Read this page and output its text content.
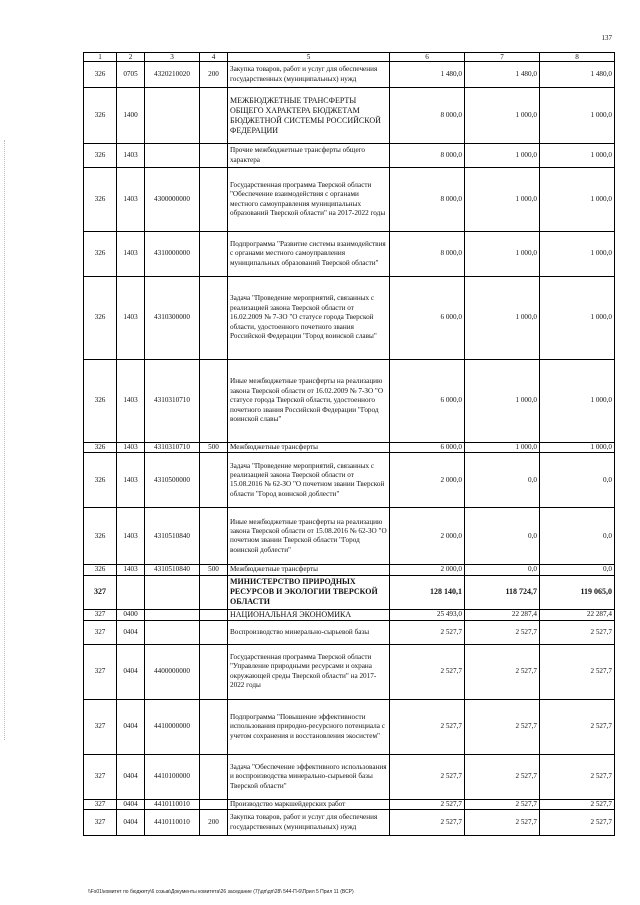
137
1	2	3	4	5	6	7	8
326	0705	4320210020	200	Закупка товаров, работ и услуг для обеспечения государственных (муниципальных) нужд	1 480,0	1 480,0	1 480,0
326	1400			МЕЖБЮДЖЕТНЫЕ ТРАНСФЕРТЫ ОБЩЕГО ХАРАКТЕРА БЮДЖЕТАМ БЮДЖЕТНОЙ СИСТЕМЫ РОССИЙСКОЙ ФЕДЕРАЦИИ	8 000,0	1 000,0	1 000,0
326	1403			Прочие межбюджетные трансферты общего характера	8 000,0	1 000,0	1 000,0
326	1403	4300000000		Государственная программа Тверской области "Обеспечение взаимодействия с органами местного самоуправления муниципальных образований Тверской области" на 2017-2022 годы	8 000,0	1 000,0	1 000,0
326	1403	4310000000		Подпрограмма "Развитие системы взаимодействия с органами местного самоуправления муниципальных образований Тверской области"	8 000,0	1 000,0	1 000,0
326	1403	4310300000		Задача "Проведение мероприятий, связанных с реализацией закона Тверской области от 16.02.2009 № 7-ЗО "О статусе города Тверской области, удостоенного почетного звания Российской Федерации "Город воинской славы"	6 000,0	1 000,0	1 000,0
326	1403	4310310710		Иные межбюджетные трансферты на реализацию закона Тверской области от 16.02.2009 № 7-ЗО "О статусе города Тверской области, удостоенного почетного звания Российской Федерации "Город воинской славы"	6 000,0	1 000,0	1 000,0
326	1403	4310310710	500	Межбюджетные трансферты	6 000,0	1 000,0	1 000,0
326	1403	4310500000		Задача "Проведение мероприятий, связанных с реализацией закона Тверской области от 15.08.2016 № 62-ЗО "О почетном звании Тверской области "Город воинской доблести"	2 000,0	0,0	0,0
326	1403	4310510840		Иные межбюджетные трансферты на реализацию закона Тверской области от 15.08.2016 № 62-ЗО "О почетном звании Тверской области "Город воинской доблести"	2 000,0	0,0	0,0
326	1403	4310510840	500	Межбюджетные трансферты	2 000,0	0,0	0,0
327				МИНИСТЕРСТВО ПРИРОДНЫХ РЕСУРСОВ И ЭКОЛОГИИ ТВЕРСКОЙ ОБЛАСТИ	128 140,1	118 724,7	119 065,0
327	0400			НАЦИОНАЛЬНАЯ ЭКОНОМИКА	25 493,0	22 287,4	22 287,4
327	0404			Воспроизводство минерально-сырьевой базы	2 527,7	2 527,7	2 527,7
327	0404	4400000000		Государственная программа Тверской области "Управление природными ресурсами и охрана окружающей среды Тверской области" на 2017-2022 годы	2 527,7	2 527,7	2 527,7
327	0404	4410000000		Подпрограмма "Повышение эффективности использования природно-ресурсного потенциала с учетом сохранения и восстановления экосистем"	2 527,7	2 527,7	2 527,7
327	0404	4410100000		Задача "Обеспечение эффективного использования и воспроизводства минерально-сырьевой базы Тверской области"	2 527,7	2 527,7	2 527,7
327	0404	4410110010		Производство маркшейдерских работ	2 527,7	2 527,7	2 527,7
327	0404	4410110010	200	Закупка товаров, работ и услуг для обеспечения государственных (муниципальных) нужд	2 527,7	2 527,7	2 527,7
\\Fs01\комитет по бюджету\6 созыв\Документы комитета\26 заседание (7)\дп\дп\28\ 544-П-6\Прил 5 Прил 11 (ВСР)
